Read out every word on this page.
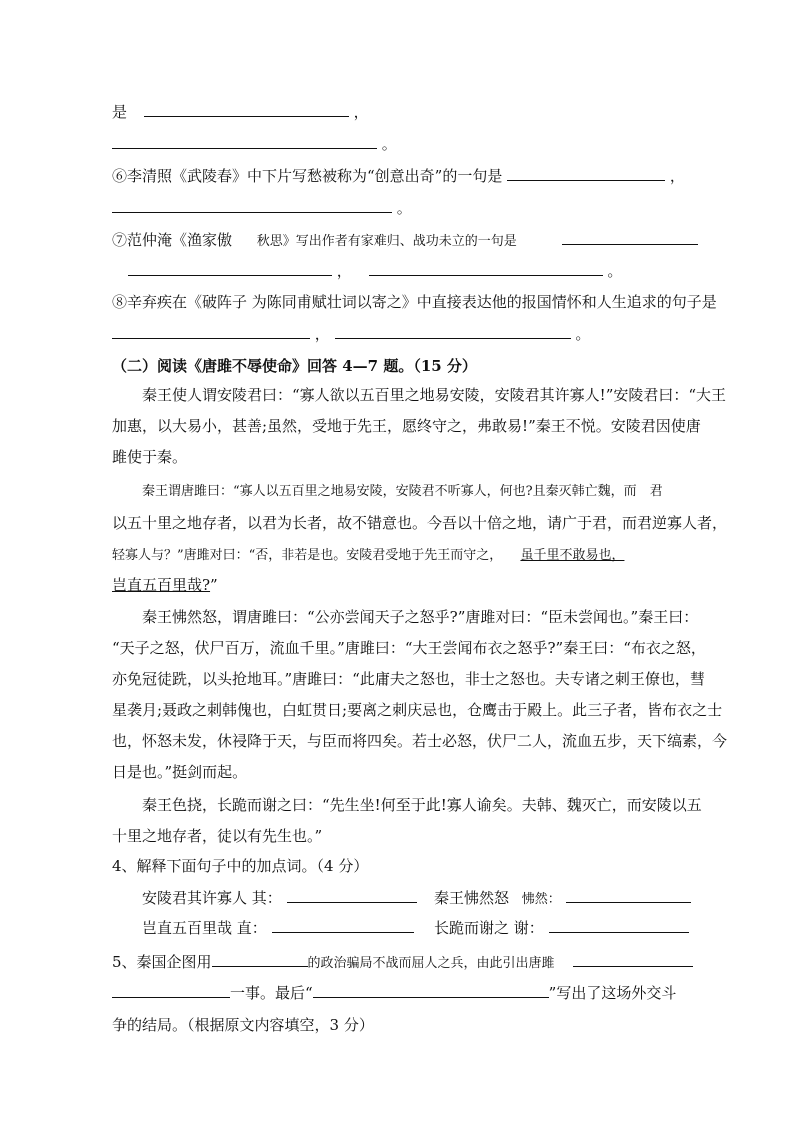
是	，
。
⑥李清照《武陵春》中下片写愁被称为“创意出奇”的一句是	，
。
⑦范仲淹《渔家傲 秋思》写出作者有家难归、战功未立的一句是
，	。
⑧辛弃疾在《破阵子 为陈同甫赋壮词以寄之》中直接表达他的报国情怀和人生追求的句子是
，	。
（二）阅读《唐雎不辱使命》回答 4—7 题。（15 分）
秦王使人谓安陵君曰：“寡人欲以五百里之地易安陵，安陵君其许寡人!”安陵君曰：“大王
加惠，以大易小，甚善;虽然，受地于先王，愿终守之，弗敢易!”秦王不悦。安陵君因使唐
雎使于秦。
秦王谓唐雎曰：“寡人以五百里之地易安陵，安陵君不听寡人，何也?且秦灭韩亡魏，而　君
以五十里之地存者，以君为长者，故不错意也。今吾以十倍之地，请广于君，而君逆寡人者，
轻寡人与？”唐雎对曰：“否，非若是也。安陵君受地于先王而守之， 虽千里不敢易也，
岂直五百里哉?”
秦王怫然怒，谓唐雎曰：“公亦尝闻天子之怒乎?”唐雎对曰：“臣未尝闻也。”秦王曰：
“天子之怒，伏尸百万，流血千里。”唐雎曰：“大王尝闻布衣之怒乎?”秦王曰：“布衣之怒，
亦免冠徒跣，以头抢地耳。”唐雎曰：“此庸夫之怒也，非士之怒也。夫专诸之刺王僚也，彗
星袭月;聂政之刺韩傀也，白虹贯日;要离之刺庆忌也，仓鹰击于殿上。此三子者，皆布衣之士
也，怀怒未发，休祲降于天，与臣而将四矣。若士必怒，伏尸二人，流血五步，天下缟素，今
日是也。”挺剑而起。
秦王色挠，长跪而谢之曰：“先生坐!何至于此!寡人谕矣。夫韩、魏灭亡，而安陵以五
十里之地存者，徒以有先生也。”
4、解释下面句子中的加点词。（4 分）
安陵君其许寡人 其：	秦王怫然怒 怫然：
岂直五百里哉 直：	长跪而谢之 谢：
5、秦国企图用	的政治骗局不战而屈人之兵，由此引出唐雎
一事。最后“	”写出了这场外交斗
争的结局。（根据原文内容填空，3 分）
